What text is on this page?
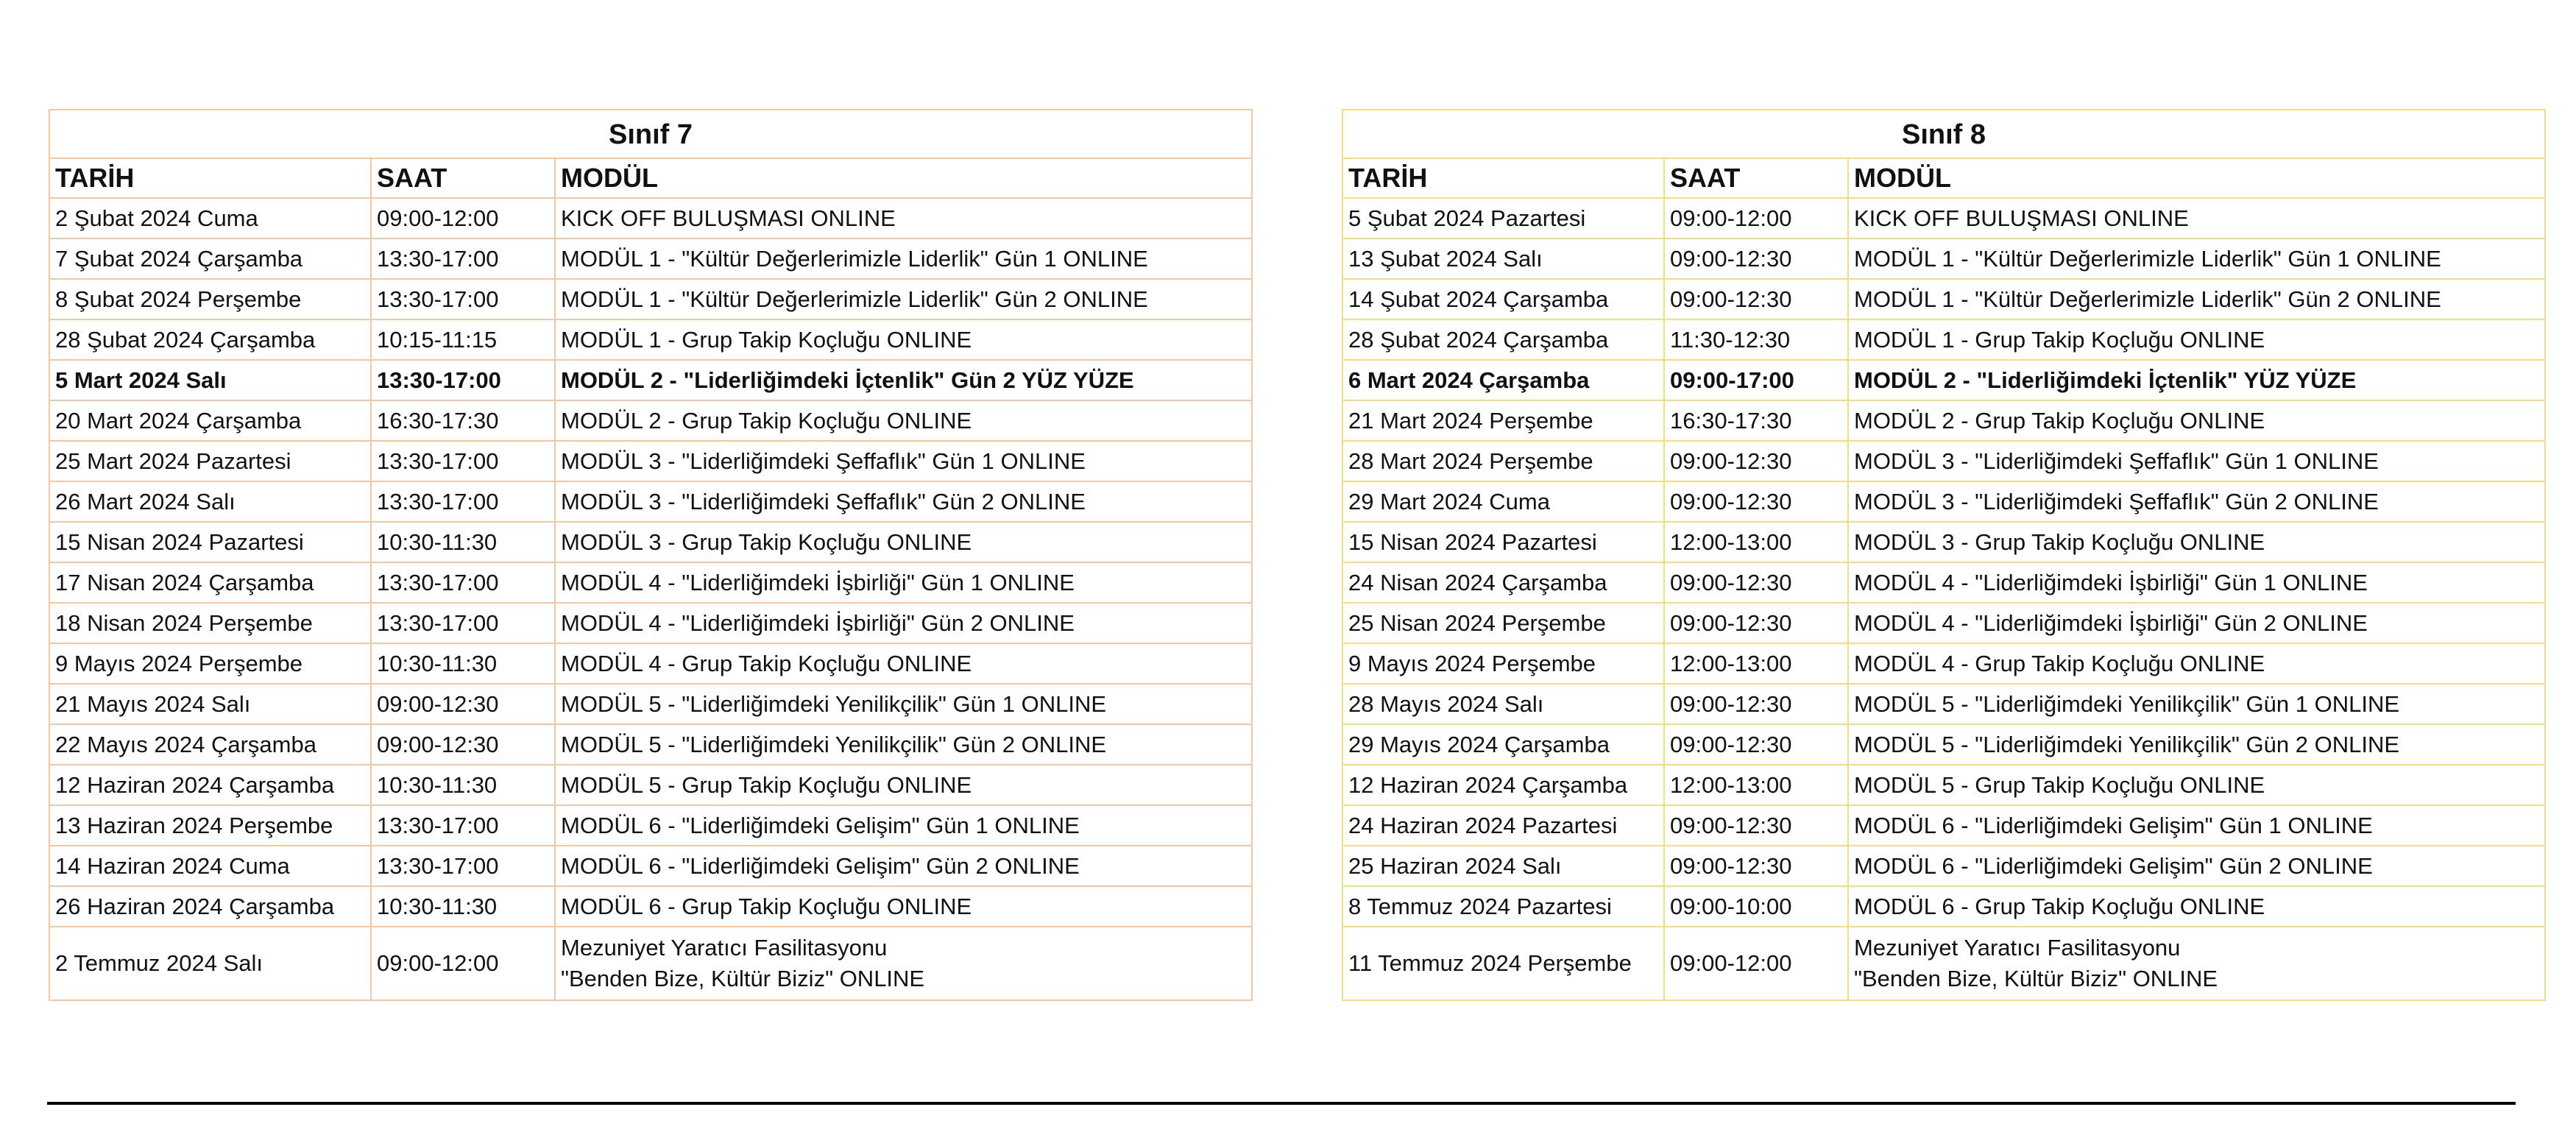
Sınıf 7		
TARİH	SAAT	MODÜL
2 Şubat 2024 Cuma	09:00-12:00	KICK OFF BULUŞMASI ONLINE
7 Şubat 2024 Çarşamba	13:30-17:00	MODÜL 1 - "Kültür Değerlerimizle Liderlik" Gün 1 ONLINE
8 Şubat 2024 Perşembe	13:30-17:00	MODÜL 1 - "Kültür Değerlerimizle Liderlik" Gün 2 ONLINE
28 Şubat 2024 Çarşamba	10:15-11:15	MODÜL 1 - Grup Takip Koçluğu ONLINE
5 Mart 2024 Salı	13:30-17:00	MODÜL 2 - "Liderliğimdeki İçtenlik" Gün 2 YÜZ YÜZE
20 Mart 2024 Çarşamba	16:30-17:30	MODÜL 2 - Grup Takip Koçluğu ONLINE
25 Mart 2024 Pazartesi	13:30-17:00	MODÜL 3 - "Liderliğimdeki Şeffaflık" Gün 1 ONLINE
26 Mart 2024 Salı	13:30-17:00	MODÜL 3 - "Liderliğimdeki Şeffaflık" Gün 2 ONLINE
15 Nisan 2024 Pazartesi	10:30-11:30	MODÜL 3 - Grup Takip Koçluğu ONLINE
17 Nisan 2024 Çarşamba	13:30-17:00	MODÜL 4 - "Liderliğimdeki İşbirliği" Gün 1 ONLINE
18 Nisan 2024 Perşembe	13:30-17:00	MODÜL 4 - "Liderliğimdeki İşbirliği" Gün 2 ONLINE
9 Mayıs 2024 Perşembe	10:30-11:30	MODÜL 4 - Grup Takip Koçluğu ONLINE
21 Mayıs 2024 Salı	09:00-12:30	MODÜL 5 - "Liderliğimdeki Yenilikçilik" Gün 1 ONLINE
22 Mayıs 2024 Çarşamba	09:00-12:30	MODÜL 5 - "Liderliğimdeki Yenilikçilik" Gün 2 ONLINE
12 Haziran 2024 Çarşamba	10:30-11:30	MODÜL 5 - Grup Takip Koçluğu ONLINE
13 Haziran 2024 Perşembe	13:30-17:00	MODÜL 6 - "Liderliğimdeki Gelişim" Gün 1 ONLINE
14 Haziran 2024 Cuma	13:30-17:00	MODÜL 6 - "Liderliğimdeki Gelişim" Gün 2 ONLINE
26 Haziran 2024 Çarşamba	10:30-11:30	MODÜL 6 - Grup Takip Koçluğu ONLINE
2 Temmuz 2024 Salı	09:00-12:00	Mezuniyet Yaratıcı Fasilitasyonu
"Benden Bize, Kültür Biziz" ONLINE
Sınıf 8		
TARİH	SAAT	MODÜL
5 Şubat 2024 Pazartesi	09:00-12:00	KICK OFF BULUŞMASI ONLINE
13 Şubat 2024 Salı	09:00-12:30	MODÜL 1 - "Kültür Değerlerimizle Liderlik" Gün 1 ONLINE
14 Şubat 2024 Çarşamba	09:00-12:30	MODÜL 1 - "Kültür Değerlerimizle Liderlik" Gün 2 ONLINE
28 Şubat 2024 Çarşamba	11:30-12:30	MODÜL 1 - Grup Takip Koçluğu ONLINE
6 Mart 2024 Çarşamba	09:00-17:00	MODÜL 2 - "Liderliğimdeki İçtenlik" YÜZ YÜZE
21 Mart 2024 Perşembe	16:30-17:30	MODÜL 2 - Grup Takip Koçluğu ONLINE
28 Mart 2024 Perşembe	09:00-12:30	MODÜL 3 - "Liderliğimdeki Şeffaflık" Gün 1 ONLINE
29 Mart 2024 Cuma	09:00-12:30	MODÜL 3 - "Liderliğimdeki Şeffaflık" Gün 2 ONLINE
15 Nisan 2024 Pazartesi	12:00-13:00	MODÜL 3 - Grup Takip Koçluğu ONLINE
24 Nisan 2024 Çarşamba	09:00-12:30	MODÜL 4 - "Liderliğimdeki İşbirliği" Gün 1 ONLINE
25 Nisan 2024 Perşembe	09:00-12:30	MODÜL 4 - "Liderliğimdeki İşbirliği" Gün 2 ONLINE
9 Mayıs 2024 Perşembe	12:00-13:00	MODÜL 4 - Grup Takip Koçluğu ONLINE
28 Mayıs 2024 Salı	09:00-12:30	MODÜL 5 - "Liderliğimdeki Yenilikçilik" Gün 1 ONLINE
29 Mayıs 2024 Çarşamba	09:00-12:30	MODÜL 5 - "Liderliğimdeki Yenilikçilik" Gün 2 ONLINE
12 Haziran 2024 Çarşamba	12:00-13:00	MODÜL 5 - Grup Takip Koçluğu ONLINE
24 Haziran 2024 Pazartesi	09:00-12:30	MODÜL 6 - "Liderliğimdeki Gelişim" Gün 1 ONLINE
25 Haziran 2024 Salı	09:00-12:30	MODÜL 6 - "Liderliğimdeki Gelişim" Gün 2 ONLINE
8 Temmuz 2024 Pazartesi	09:00-10:00	MODÜL 6 - Grup Takip Koçluğu ONLINE
11 Temmuz 2024 Perşembe	09:00-12:00	Mezuniyet Yaratıcı Fasilitasyonu
"Benden Bize, Kültür Biziz" ONLINE
